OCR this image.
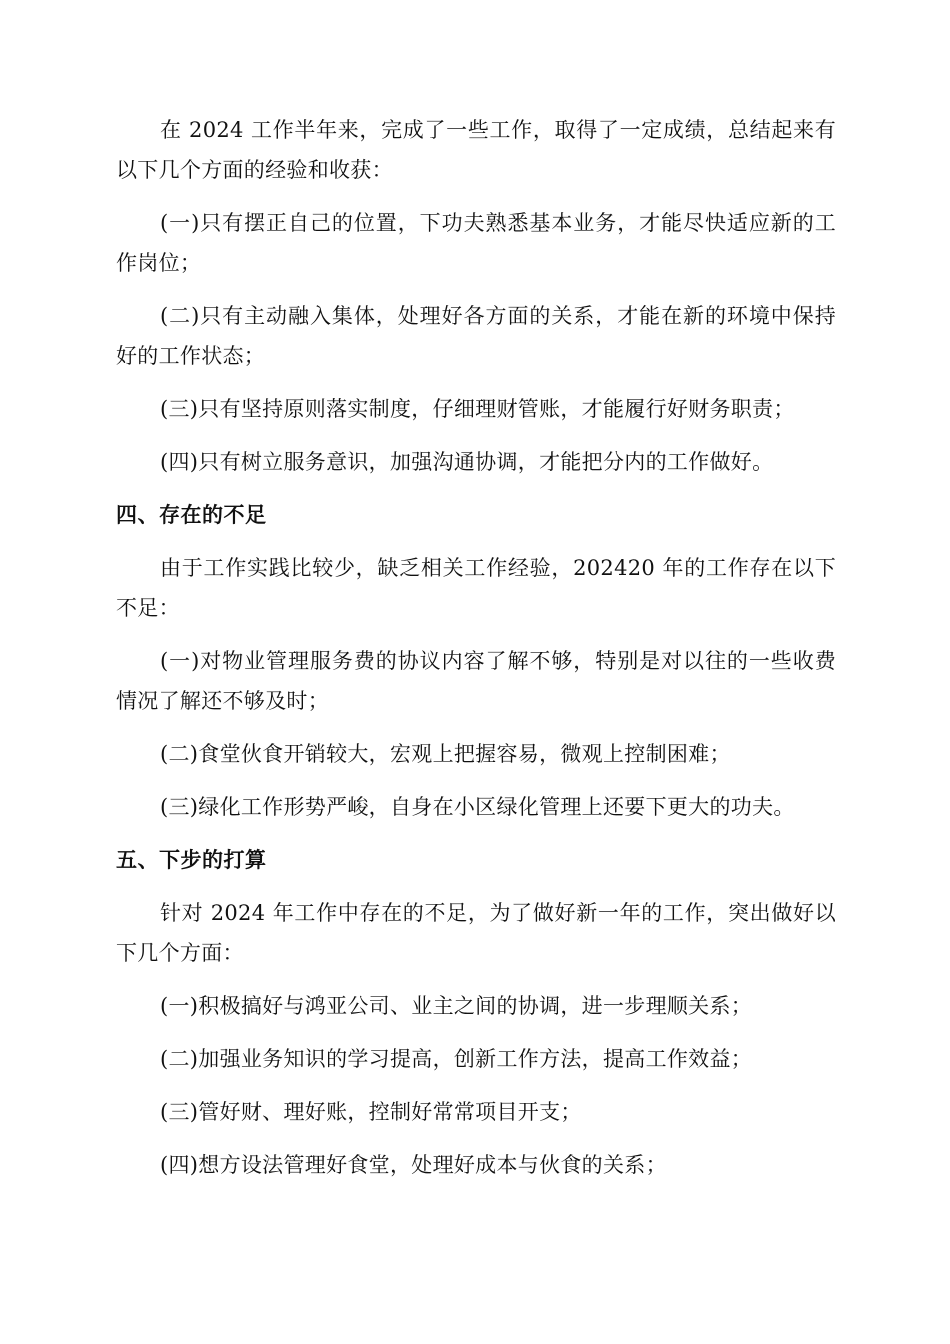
在 2024 工作半年来，完成了一些工作，取得了一定成绩，总结起来有以下几个方面的经验和收获：

(一)只有摆正自己的位置，下功夫熟悉基本业务，才能尽快适应新的工作岗位；

(二)只有主动融入集体，处理好各方面的关系，才能在新的环境中保持好的工作状态；

(三)只有坚持原则落实制度，仔细理财管账，才能履行好财务职责；

(四)只有树立服务意识，加强沟通协调，才能把分内的工作做好。

四、存在的不足

由于工作实践比较少，缺乏相关工作经验，202420 年的工作存在以下不足：

(一)对物业管理服务费的协议内容了解不够，特别是对以往的一些收费情况了解还不够及时；

(二)食堂伙食开销较大，宏观上把握容易，微观上控制困难；

(三)绿化工作形势严峻，自身在小区绿化管理上还要下更大的功夫。

五、下步的打算

针对 2024 年工作中存在的不足，为了做好新一年的工作，突出做好以下几个方面：

(一)积极搞好与鸿亚公司、业主之间的协调，进一步理顺关系；

(二)加强业务知识的学习提高，创新工作方法，提高工作效益；

(三)管好财、理好账，控制好常常项目开支；

(四)想方设法管理好食堂，处理好成本与伙食的关系；
